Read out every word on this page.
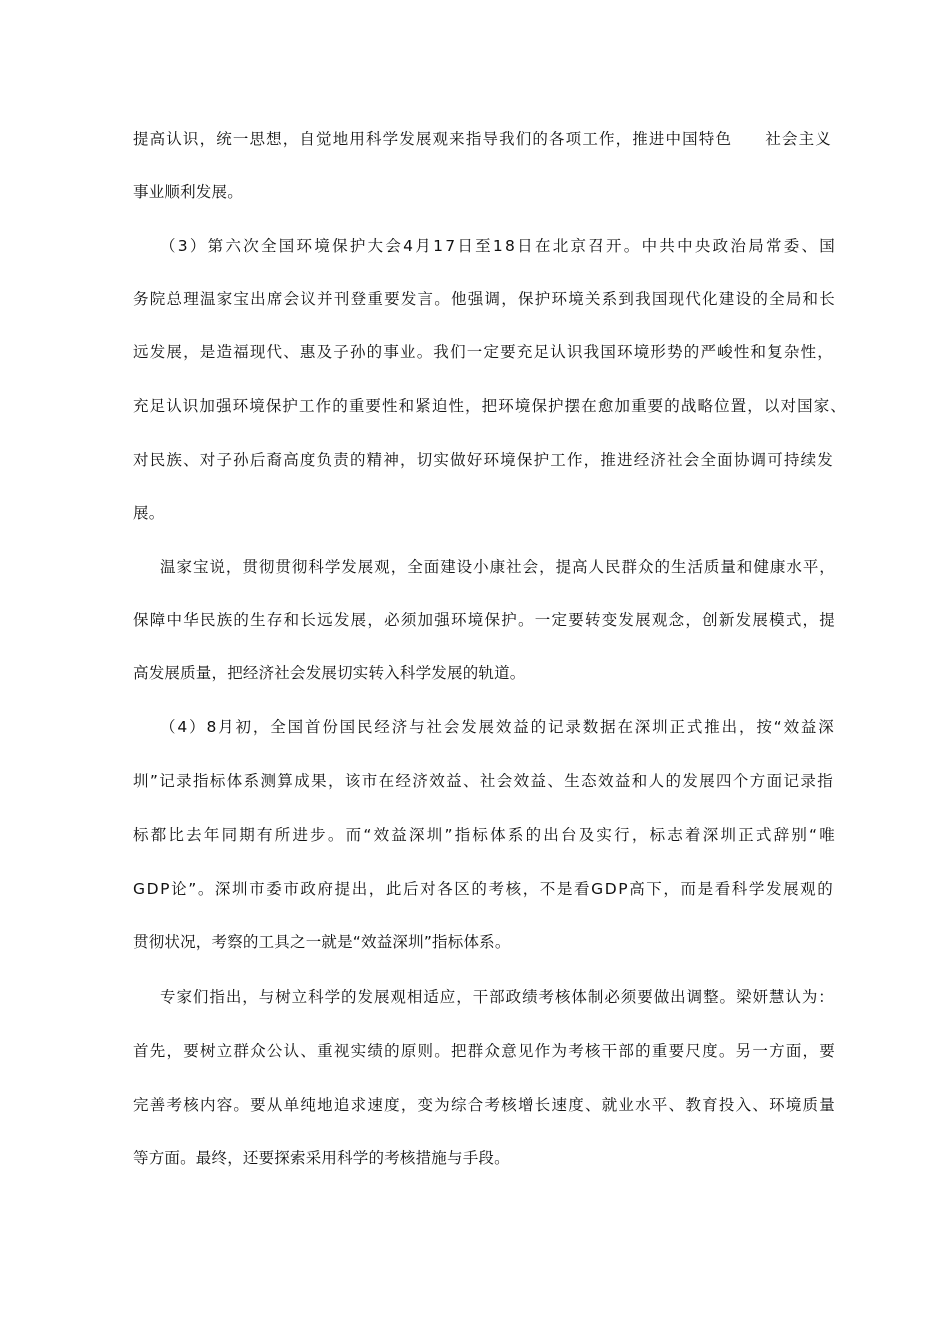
提高认识，统一思想，自觉地用科学发展观来指导我们的各项工作，推进中国特色　　社会主义
事业顺利发展。
（3）第六次全国环境保护大会4月17日至18日在北京召开。中共中央政治局常委、国
务院总理温家宝出席会议并刊登重要发言。他强调，保护环境关系到我国现代化建设的全局和长
远发展，是造福现代、惠及子孙的事业。我们一定要充足认识我国环境形势的严峻性和复杂性，
充足认识加强环境保护工作的重要性和紧迫性，把环境保护摆在愈加重要的战略位置，以对国家、
对民族、对子孙后裔高度负责的精神，切实做好环境保护工作，推进经济社会全面协调可持续发
展。
温家宝说，贯彻贯彻科学发展观，全面建设小康社会，提高人民群众的生活质量和健康水平，
保障中华民族的生存和长远发展，必须加强环境保护。一定要转变发展观念，创新发展模式，提
高发展质量，把经济社会发展切实转入科学发展的轨道。
（4）8月初，全国首份国民经济与社会发展效益的记录数据在深圳正式推出，按“效益深
圳”记录指标体系测算成果，该市在经济效益、社会效益、生态效益和人的发展四个方面记录指
标都比去年同期有所进步。而“效益深圳”指标体系的出台及实行，标志着深圳正式辞别“唯
GDP论”。深圳市委市政府提出，此后对各区的考核，不是看GDP高下，而是看科学发展观的
贯彻状况，考察的工具之一就是“效益深圳”指标体系。
专家们指出，与树立科学的发展观相适应，干部政绩考核体制必须要做出调整。梁妍慧认为：
首先，要树立群众公认、重视实绩的原则。把群众意见作为考核干部的重要尺度。另一方面，要
完善考核内容。要从单纯地追求速度，变为综合考核增长速度、就业水平、教育投入、环境质量
等方面。最终，还要探索采用科学的考核措施与手段。
